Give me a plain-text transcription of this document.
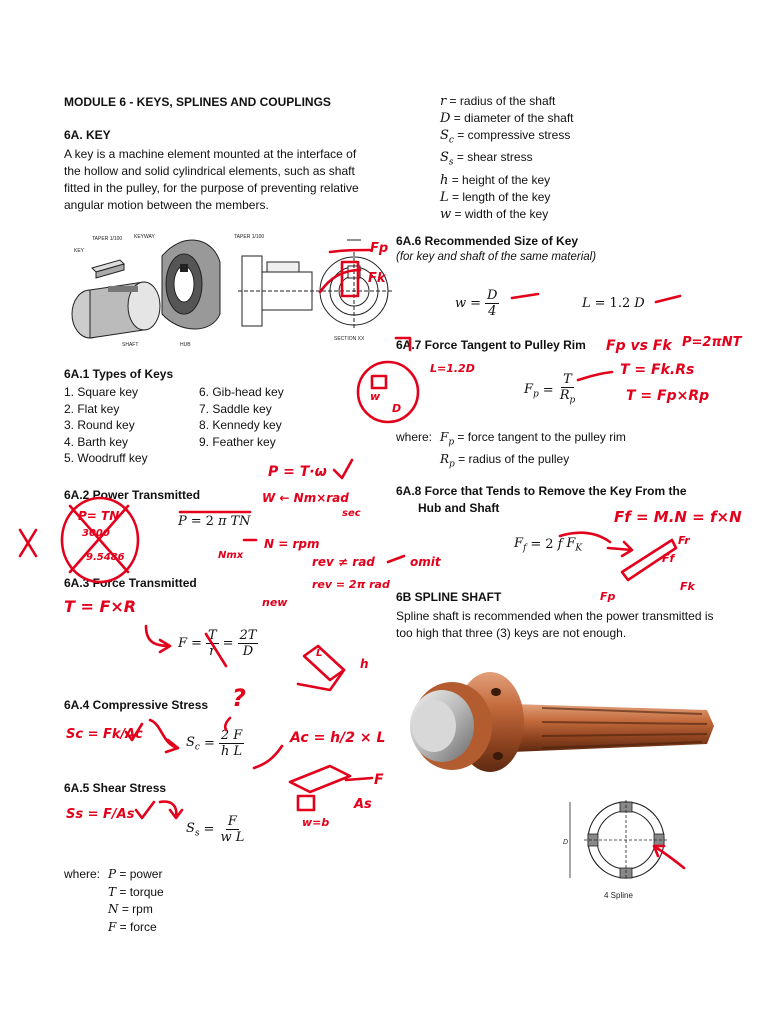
MODULE 6 - KEYS, SPLINES AND COUPLINGS
6A. KEY
A key is a machine element mounted at the interface of the hollow and solid cylindrical elements, such as shaft fitted in the pulley, for the purpose of preventing relative angular motion between the members.
r = radius of the shaft
D = diameter of the shaft
$S_c$ = compressive stress
$S_s$ = shear stress
h = height of the key
L = length of the key
w = width of the key
KEY
TAPER 1/100 KEYWAY
SHAFT	HUB
TAPER 1/100
SECTION XX
6A.1 Types of Keys
1. Square key
2. Flat key
3. Round key
4. Barth key
5. Woodruff key
6. Gib-head key
7. Saddle key
8. Kennedy key
9. Feather key
6A.2 Power Transmitted
P = 2 π TN
6A.3 Force Transmitted
$F = \frac{T}{r} = \frac{2T}{D}$
6A.4 Compressive Stress
$S_c = \frac{2 F}{\text{h L}}$
6A.5 Shear Stress
$S_s = \frac{F}{\text{w L}}$
where: P = power
T = torque
N = rpm
F = force
6A.6 Recommended Size of Key
(for key and shaft of the same material)
$w = \frac{D}{4}$	L = 1.2 D
6A.7 Force Tangent to Pulley Rim
$F_p = \frac{T}{R_p}$
where: $F_p$ = force tangent to the pulley rim
$R_p$ = radius of the pulley
6A.8 Force that Tends to Remove the Key From the
Hub and Shaft
$F_f = 2$ f $F_K$
6B SPLINE SHAFT
Spline shaft is recommended when the power transmitted is too high that three (3) keys are not enough.
D
4 Spline
Fp
Fk
Fp vs Fk P=2πNT
T = Fk.Rs
T = Fp×Rp
L=1.2D
w
D
P = T·ω
W ← Nm×rad
sec
P= TN
3000
9.5486
N = rpm
Nmx	rev ≠ rad
rev = 2π rad
omit
new
T = F×R
h
L
Sc = Fk/Ac
?
Ac = h/2 × L
w=b
As
F
Ss = F/As
Ff = M.N = f×N
Fr
Ff
Fk
Fp
